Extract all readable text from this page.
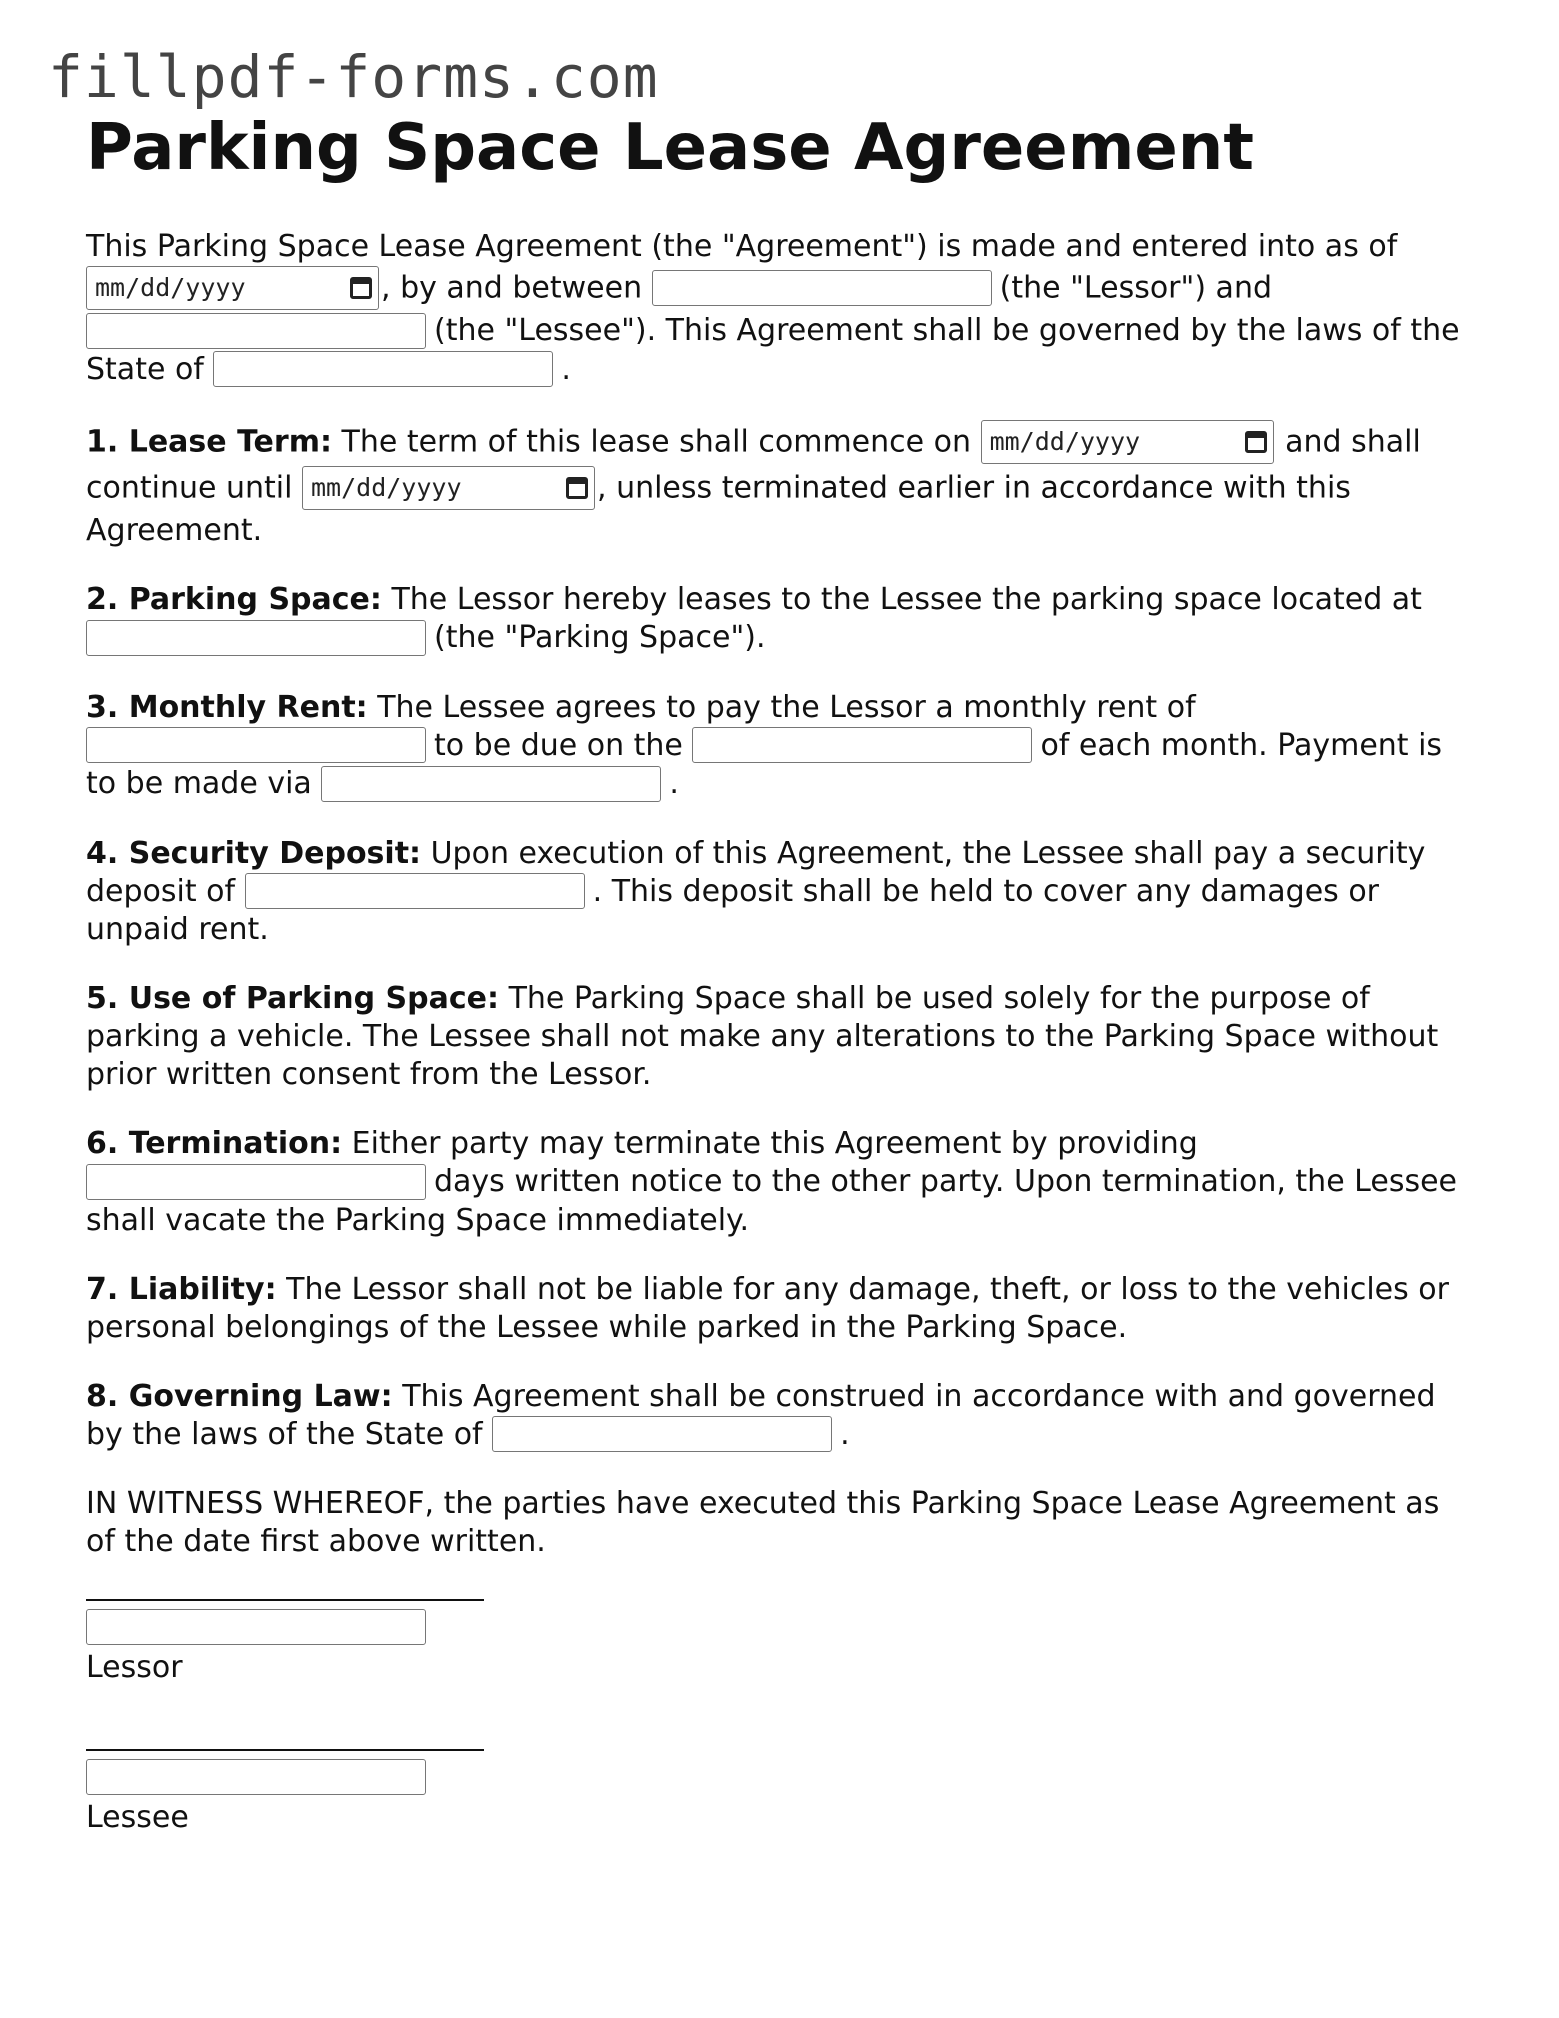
fillpdf-forms.com
Parking Space Lease Agreement

This Parking Space Lease Agreement (the "Agreement") is made and entered into as of

mm/dd/yyyy	, by and between	(the "Lessor") and
(the "Lessee"). This Agreement shall be governed by the laws of the State of	.

1. Lease Term: The term of this lease shall commence on mm/dd/yyyy	and shall continue until mm/dd/yyyy	, unless terminated earlier in accordance with this Agreement.

2. Parking Space: The Lessor hereby leases to the Lessee the parking space located at
(the "Parking Space").

3. Monthly Rent: The Lessee agrees to pay the Lessor a monthly rent of
to be due on the	of each month. Payment is to be made via	.

4. Security Deposit: Upon execution of this Agreement, the Lessee shall pay a security deposit of	. This deposit shall be held to cover any damages or unpaid rent.

5. Use of Parking Space: The Parking Space shall be used solely for the purpose of parking a vehicle. The Lessee shall not make any alterations to the Parking Space without prior written consent from the Lessor.

6. Termination: Either party may terminate this Agreement by providing
days written notice to the other party. Upon termination, the Lessee shall vacate the Parking Space immediately.

7. Liability: The Lessor shall not be liable for any damage, theft, or loss to the vehicles or personal belongings of the Lessee while parked in the Parking Space.

8. Governing Law: This Agreement shall be construed in accordance with and governed by the laws of the State of	.

IN WITNESS WHEREOF, the parties have executed this Parking Space Lease Agreement as of the date first above written.

Lessor
Lessee
